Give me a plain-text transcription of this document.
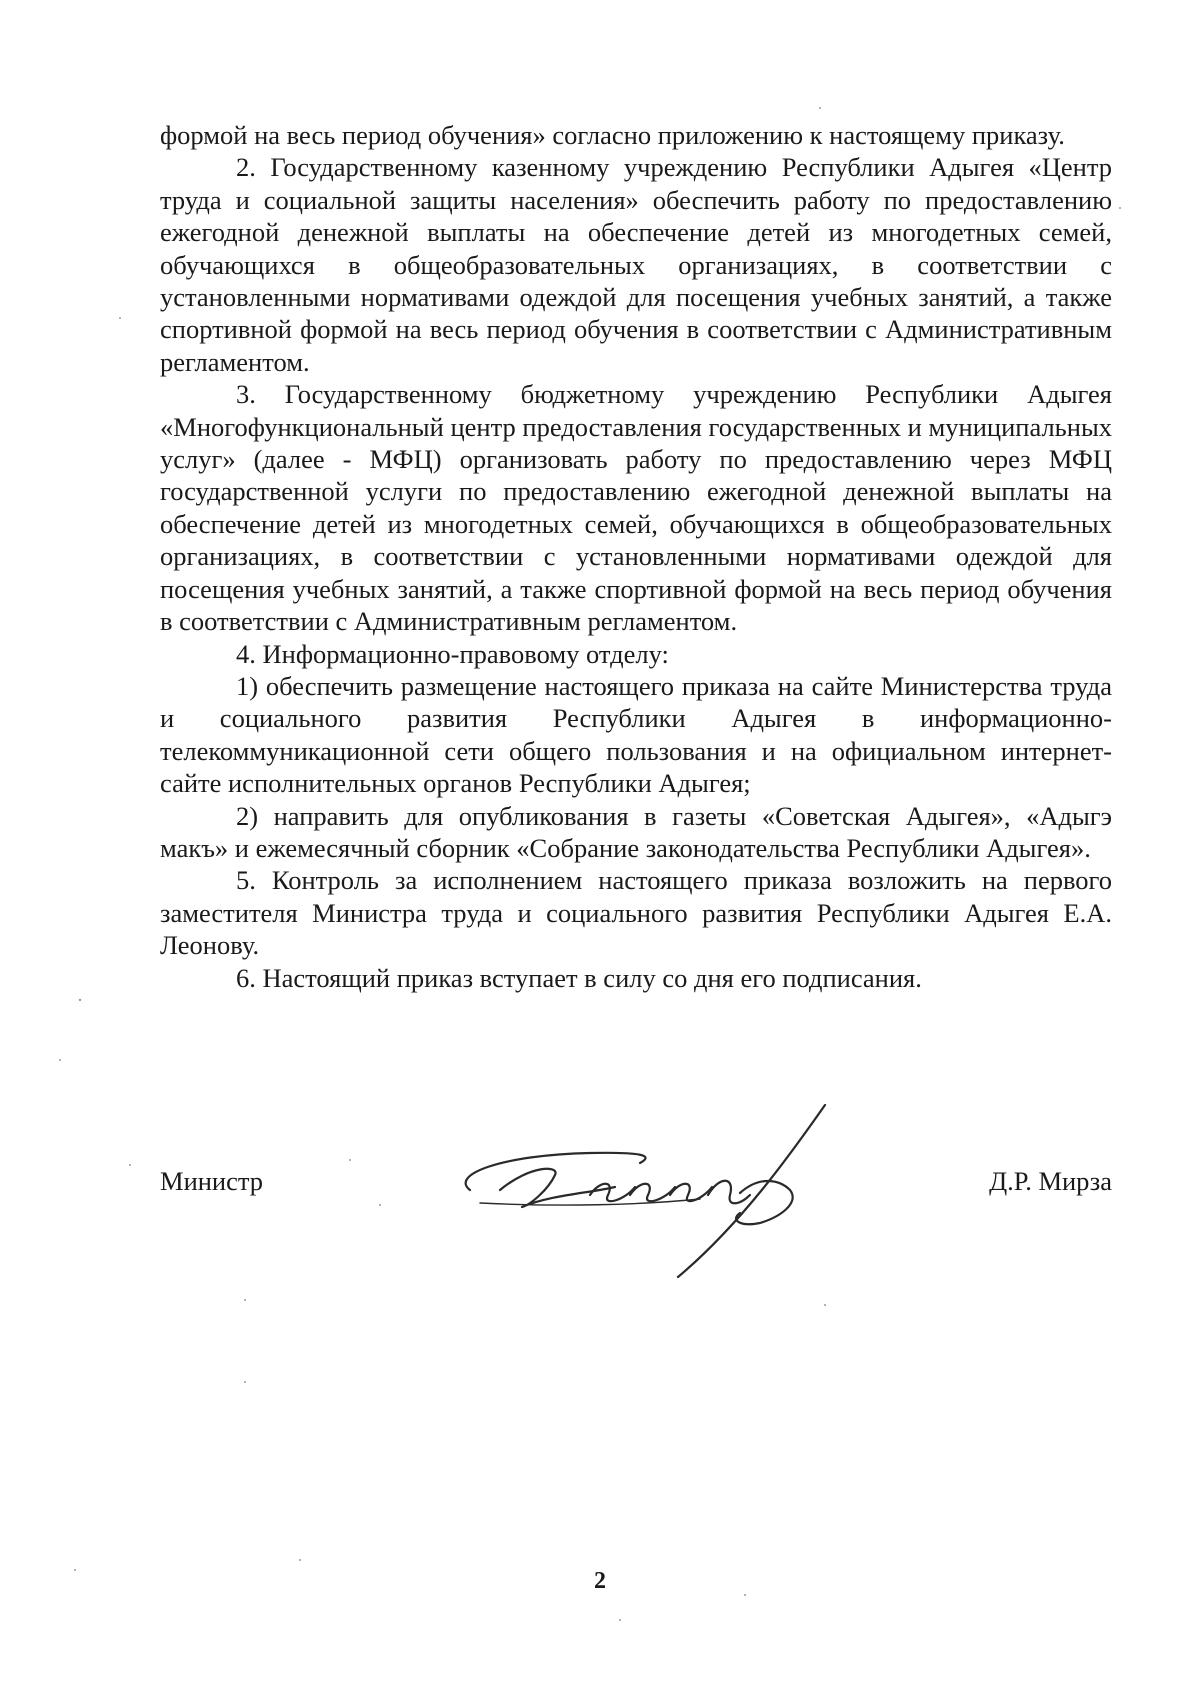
формой на весь период обучения» согласно приложению к настоящему приказу.

2. Государственному казенному учреждению Республики Адыгея «Центр труда и социальной защиты населения» обеспечить работу по предоставлению ежегодной денежной выплаты на обеспечение детей из многодетных семей, обучающихся в общеобразовательных организациях, в соответствии с установленными нормативами одеждой для посещения учебных занятий, а также спортивной формой на весь период обучения в соответствии с Административным регламентом.

3. Государственному бюджетному учреждению Республики Адыгея «Многофункциональный центр предоставления государственных и муниципальных услуг» (далее - МФЦ) организовать работу по предоставлению через МФЦ государственной услуги по предоставлению ежегодной денежной выплаты на обеспечение детей из многодетных семей, обучающихся в общеобразовательных организациях, в соответствии с установленными нормативами одеждой для посещения учебных занятий, а также спортивной формой на весь период обучения в соответствии с Административным регламентом.

4. Информационно-правовому отделу:

1) обеспечить размещение настоящего приказа на сайте Министерства труда и социального развития Республики Адыгея в информационно-телекоммуникационной сети общего пользования и на официальном интернет-сайте исполнительных органов Республики Адыгея;

2) направить для опубликования в газеты «Советская Адыгея», «Адыгэ макъ» и ежемесячный сборник «Собрание законодательства Республики Адыгея».

5. Контроль за исполнением настоящего приказа возложить на первого заместителя Министра труда и социального развития Республики Адыгея Е.А. Леонову.

6. Настоящий приказ вступает в силу со дня его подписания.

Министр	Д.Р. Мирза
2
